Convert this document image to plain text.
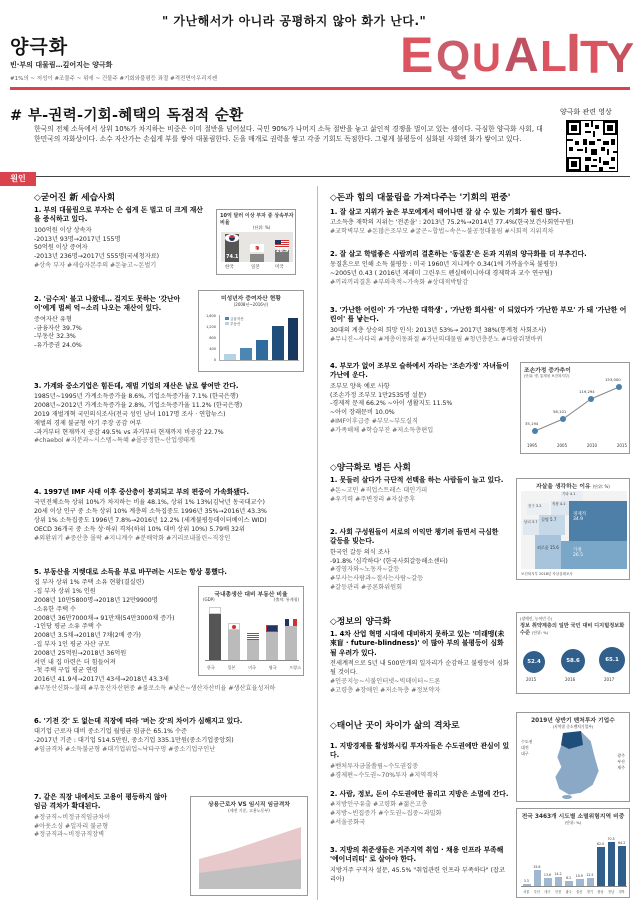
" 가난해서가 아니라 공평하지 않아 화가 난다."
양극화
빈·부의 대물림…깊어지는 양극화
#1%의 ~ 저성이 #조물주 ~ 위에 ~ 건물주 #기회와불평등 좌절 #격전면이우리지켄	E Q U A L I
T
Y
# 부-권력-기회-혜택의 독점적 순환	양극화 관련 영상
한국의 전체 소득에서 상위 10%가 차지하는 비중은 이미 절반을 넘어섰다. 국민 90%가 나머지 소득 절반을 놓고 삶인적 경쟁을 벌이고 있는 셈이다. 극심한 양극화 사회, 대한민국의 자화상이다. 소수 자산가는 손쉽게 부를 쌓아 대물림한다. 돈을 매개로 권력을 쌓고 각종 기회도 독점한다. 그렇게 불평등이 심화된 사회엔 화가 쌓이고 있다.
원인
◇굳어진 新 세습사회
1. 부의 대물림으로 부자는 슨 쉽게 돈 벌고 더 크게 재산을 증식하고 있다.
100억원 이상 상속자
-2013년 93명→2017년 155명
50억원 이상 증여자
-2013년 236명→2017년 555명(국세청자료)
#상속 부자 #세습자본주의 #돈놓고~돈벌기
10억 달러 이상 부자 중 상속부자 비율
(단위: %)
74.1
18.5	28.9
한국	일본	미국
2. '금수저' 불고 나왔네… 걸지도 못하는 '갓난아이'에게 벌써 억~소리 나오는 재산이 있다.
증여자산 유형
-금융자산 39.7%
-부동산 32.3%
-유가증권 24.0%
미성년자 증여자산 현황
(2008년~2016년)
1,600
1,200
800
400
0
금융자산
부동산
3. 가계와 중소기업은 힘든데, 재벌 기업의 재산은 날로 쌓여만 간다.
1985년~1995년 가계소득증가율 8.6%, 기업소득증가율 7.1% (한국은행)
2008년~2012년 가계소득증가율 2.8%, 기업소득증가율 11.2% (한국은행)
2019 재벌개혁 국민의식조사(전국 성인 남녀 1017명 조사 · 연합뉴스)
재벌의 경제 불균형 야기 주장 공감 여부
-과거부터 현재까지 공감 49.5% vs 과거부터 현재까지 비공감 22.7%
#chaebol #지분과~시스템~특혜 #몰공정한~산업생태계
4. 1997년 IMF 사태 이후 중산층이 붕괴되고 부의 편중이 가속화됐다.
국민전체소득 상위 10%가 차지하는 비율 48.1%, 상위 1% 13%(김낙년 동국대교수)
20세 이상 인구 중 소득 상위 10% 계층의 소득집중도 1996년 35%→2016년 43.3%
상위 1% 소득집중도 1996년 7.8%→2016년 12.2% (세계불평등데이터베이스 WID)
OECD 36개국 중 소득 상·하위 격차(하위 10% 대비 상위 10%) 5.79배 32위
#외환위기 #중산층 몰락 #지니계수 #분배악화 #거리로내몰린~직장인
5. 부동산을 지렛대로 소득을 부로 바꾸려는 시도는 항상 통했다.
집 부자 상위 1% 주택 소유 현황(결실련)
-집 부자 상위 1% 인원
2008년 10만5800명→2018년 12만9900명
-소유한 주택 수
2008년 36만7000채→ 91만채(54만3000채 증가)
-1인당 평균 소유 주택 수
2008년 3.5채→2018년 7채(2배 증가)
-집 부자 1인 평균 자산 규모
2008년 25억원→2018년 36억원
서민 내 집 마련은 더 힘들어져
-첫 주택 구입 평균 연령
2016년 41.9세→2017년 43세→2018년 43.3세
#부동산신화~불패 #부동산자산편중 #불로소득 #낮은~생산자산비율 #생산효율성저하
국내총생산 대비 부동산 비율
(GDP)	(출처: 통계청)
한국	일본	미국	영국	프랑스
6. '기전 갓' 도 없는데 직장에 따라 '버는 갓'의 차이가 심해지고 있다.
대기업 근로자 대비 중소기업 월평균 임금은 65.1% 수준
-2017년 기준 : 대기업 514.5만원, 중소기업 335.1만원(중소기업중앙회)
#임금격차 #소득불균형 #대기업위업~낙타구멍 #중소기업구인난
7. 같은 직장 내에서도 고용이 평등하지 않아 임금 격차가 확대된다.
#정규직~비정규직임금차이
#아웃소싱 #일자리 불균형
#정규직과~비정규직장벽
상용근로자 VS 임시직 임금격차
(세전 기준, 고용노동부)
◇돈과 힘의 대물림을 가져다주는 '기회의 편중'
1. 잘 살고 지위가 높은 부모에게서 태어나면 잘 살 수 있는 기회가 월씬 많다.
고소득층 재학의 지위는 '전존을' : 2013년 75.2%→2014년 77.4%(한국보건사회연구원)
#교학벽부모 #돈많은조부모 #굴곤~합법~속은~불공정대물림 #시회적 지위격차
2. 잘 살고 학벌좋은 사람끼리 결혼하는 '동질혼'은 돈과 지위의 양극화를 더 부추긴다.
동질혼으로 인해 소득 불평등 : 미국 1960년 지니계수 0.34(1에 가까울수록 불평등)
~2005년 0.43 ( 2016년 제레미 그린우드 펜실베이니아대 경제학과 교수 연구팀)
#끼리끼리결혼 #부의축적~가속화 #상대적박탈감
3. '가난한 어린이' 가 '가난한 대학생' , '가난한 회사원' 이 되었다가 '가난한 부모' 가 돼 '가난한 어린이' 를 낳는다.
30대의 계층 상승의 희망 인식: 2013년 53%→ 2017년 38%(통계청 사회조사)
#무니진~사다리 #계층이동좌절 #가난의대물림 #청년층분노 #다람쥐챗바퀴
4. 부모가 없어 조부모 슬하에서 자라는 '조손가정' 자녀들이 가난에 운다.
조부모 양육 예로 사항
(조손가정 조부모 1만2535명 설문)
-경제적 문제 66.2% ~아이 생활지도 11.5%
~아이 장래문비 10.0%
#IMF이후급증 #부모~부도실직
#가족해체 #학습부진 #저소득층편입
조손가정 증가추이
(단위: 명, 통계청 보건복지부)
35,194
58,101
119,294
153,000
1995	2005	2010	2015
◇양극화로 병든 사회
1. 못들러 살다가 극단적 선택을 하는 사람들이 늘고 있다.
#돈~고민 #직업스트레스 대인기피
#우기력 #주변정리 #자살증후
2. 사회 구성원들이 서로의 이익만 챙기려 들면서 극심한 갈등을 빚는다.
한국인 갈등 의식 조사
-91.8% '심각하다' (한국사회갈등해소센터)
#경영자와~노동자~갈등
#부사는사람과~절사는사람~갈등
#갈등관리 #공론화위원회
자살을 생각하는 이유 (단위: %)
경제적
34.9
가정
26.5
외로움 15.6
질병 5.7
직장 4.1
기타 4.1
남녀 3.7
친구 3.2
보건복지부 2018년 자살실태조사
◇정보의 양극화
1. 4차 산업 혁명 시대에 대비하지 못하고 있는 '미래맹(未來盲 · future-blindness)' 이 많아 부의 불평등이 심화될 우려가 있다.
전세계적으로 5년 내 500만개의 일자리가 순감하고 불평등이 심화될 것이다.
#인공지능~시불인터넷~빅데이터~드론
#고령층 #장애인 #저소득층 #정보약자
(장애인, 농어민 등)
정보 취약계층의 일반 국민 대비 디지털정보화 수준 (단위: %)
52.4	58.6	65.1
2015	2016	2017
◇태어난 곳이 차이가 삶의 격차로
1. 지방경제를 활성화시킬 투자자들은 수도권에만 관심이 있다.
#벤처투자금몰쏠림~수도권집중
#경제편~수도권~70%투자 #지역격차
2. 사람, 정보, 돈이 수도권에만 몰리고 지방은 소멸에 간다.
#지방인구유출 #고령화 #젊은고층
#지방~빈집증가 #수도권~집중~과밀화
#서울공화국
3. 지방의 취준생들은 거주지역 취업 · 채용 인프라 부족해 '에이너리티' 로 살아야 한다.
지방거주 구직자 설문, 45.5% "취업관련 인프라 부족하다" (잡코리아)
2019년 상반기 벤처투자 기업수
(지역별 중소벤처기업부)
수도권
대전
대구	광주
부산
제주
전국 3463개 시도별 소멸위험지역 비중
(단위: %)
3.3
25.6
13.6	14.2
8.2	10.9	12.5
62.0
70.5
64.2
서울	부산	대구	인천	광주	울산	경기	충남	전남	경북
